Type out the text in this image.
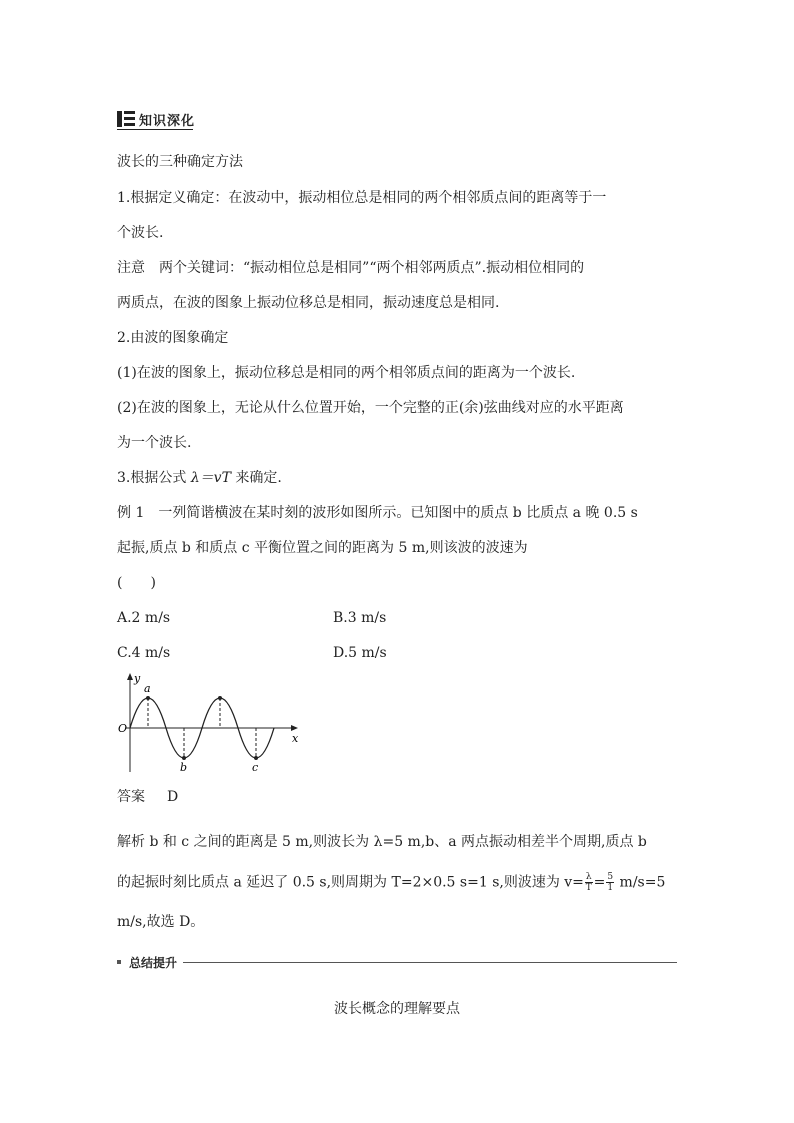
知识深化
波长的三种确定方法
1.根据定义确定：在波动中，振动相位总是相同的两个相邻质点间的距离等于一
个波长.
注意　两个关键词：“振动相位总是相同”“两个相邻两质点”.振动相位相同的
两质点，在波的图象上振动位移总是相同，振动速度总是相同.
2.由波的图象确定
(1)在波的图象上，振动位移总是相同的两个相邻质点间的距离为一个波长.
(2)在波的图象上，无论从什么位置开始，一个完整的正(余)弦曲线对应的水平距离
为一个波长.
3.根据公式 λ＝vT 来确定.
例 1　一列简谐横波在某时刻的波形如图所示。已知图中的质点 b 比质点 a 晚 0.5 s
起振,质点 b 和质点 c 平衡位置之间的距离为 5 m,则该波的波速为
(　　)
A.2 m/s	B.3 m/s
C.4 m/s	D.5 m/s
y
x
O
a
b	c
答案 D
解析 b 和 c 之间的距离是 5 m,则波长为 λ=5 m,b、a 两点振动相差半个周期,质点 b
的起振时刻比质点 a 延迟了 0.5 s,则周期为 T=2×0.5 s=1 s,则波速为 $v= \frac{\lambda}{T} = \frac{5}{1} m/s=5$
m/s,故选 D。
总结提升
波长概念的理解要点
